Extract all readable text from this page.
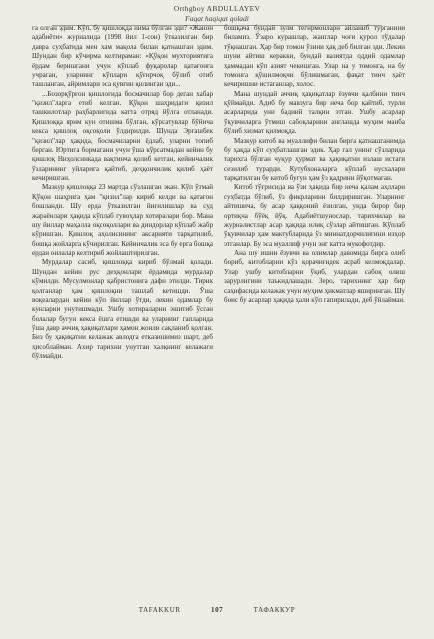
Orthgboy ABDULLAYEV
Faqat haqiqat qoladi

га олган эдим. Кўп, бу қишлоқда нима бўлган эди? «Жанон адабиёти» журналида (1998 йил 1-сон) ўтказилган бир давра суҳбатида мен хам мақола билан қатнашган эдим. Шундан бир кўчирма келтираман: «Қўқон мухториятига ёрдам беришгани учун кўплаб фуқаролар қатағонга учраган, уларнинг кўплари қўғирчоқ бўлиб отиб ташланган, айримлари эса қувғин қилинган эди...

...Бозорқўрғон қишлоғида босмачилар бор деган хабар "қизил"ларга етиб келган. Қўқон шаҳридаги қизил ташкилотлар раҳбарлигида катта отряд йўлга отланади. Қишлоққа ярим кун отишма бўлган, кўрсатувлар бўйича кекса қишлоқ оқсоқоли ўлдирилди. Шунда Эргашбек "қизил"лар ҳақида, босмачиларни ёдлаб, уларни топиб берган. Юртига бормагани учун ўша кўрсатмадан кейин бу қишлоқ Ниҳолсинкада вақтинча қолиб кетган, кейинчалик ўзларининг уйларига қайтиб, деҳқончилик қилиб ҳаёт кечиришган.

Мазкур қишлоққа 23 мартда сўзлашган экан. Кўп ўтмай Қўқон шаҳрига ҳам "қизил"лар кириб келди ва қатағон бошланди. Шу ерда ўтказилган йиғилишлар ва суд жараёнлари ҳақида кўплаб гувоҳлар хотиралари бор. Мана шу йиллар маҳалла оқсоқоллари ва диндорлар кўплаб жабр кўришган. Қишлоқ аҳолисининг аксарияти тарқатилиб, бошқа жойларга кўчирилган. Кейинчалик эса бу ерга бошқа ердан оилалар келтириб жойлаштирилган.

Мурдалар сасиб, қишлоққа кириб бўлмай қолади. Шундан кейин рус деҳқонлари ёрдамида мурдалар кўмилди. Мусулмонлар қабристонига дафн этилди. Тирик қолганлар ҳам қишлоқни ташлаб кетишди. Ўша воқеалардан кейин кўп йиллар ўтди, лекин одамлар бу кунларни унутишмади. Ушбу хотираларни эшитиб ўсган болалар бугун кекса ёшга етишди ва уларнинг гапларида ўша давр аччиқ ҳақиқатлари ҳамон жонли сақланиб қолган. Биз бу ҳақиқатни келажак авлодга етказишимиз шарт, деб ҳисоблайман. Ахир тарихни унутган халқнинг келажаги бўлмайди.

бошқача бундай зулм тегирмонлари айланиб турганини биламиз. Ўзаро курашлар, жанглар чоғи қурол тўдалар тўқнашган. Ҳар бир томон ўзини ҳақ деб билган эди. Лекин шуни айтиш керакки, бундай вазиятда оддий одамлар ҳаммадан кўп азият чекишган. Улар на у томонга, на бу томонга қўшилмоқчи бўлишмаган, фақат тинч ҳаёт кечиришни истаганлар, холос.

Мана шундай аччиқ ҳақиқатлар ёзувчи қалбини тинч қўймайди. Адиб бу мавзуга бир неча бор қайтиб, турли асарларида уни бадиий талқин этган. Ушбу асарлар ўқувчиларга ўтмиш сабоқларини англашда муҳим манба бўлиб хизмат қилмоқда.

Мазкур китоб ва муаллифи билан бирга қатнашганимда бу ҳақда кўп суҳбатлашган эдик. Ҳар гал унинг сўзларида тарихга бўлган чуқур ҳурмат ва ҳақиқатни излаш истаги сезилиб турарди. Кутубхоналарга кўплаб нусхалари тарқатилган бу китоб бугун ҳам ўз қадрини йўқотмаган.

Китоб тўғрисида ва ўзи ҳақида бир неча қалам аҳллари суҳбатда бўлиб, ўз фикрларини билдиришган. Уларнинг айтишича, бу асар ҳаққоний ёзилган, унда бирор бир ортиқча бўёқ йўқ. Адабиётшунослар, тарихчилар ва журналистлар асар ҳақида илиқ сўзлар айтишган. Кўплаб ўқувчилар ҳам мактубларида ўз миннатдорчилигини изҳор этганлар. Бу эса муаллиф учун энг катта мукофотдир.

Ана шу ишни ёзувчи ва олимлар давомида бирга олиб бориб, китобларни кўз қорачиғидек асраб келмоқдалар. Улар ушбу китобларни ўқиб, улардан сабоқ олиш зарурлигини таъкидлашади. Зеро, тарихнинг ҳар бир саҳифасида келажак учун муҳим ҳикматлар яширинган. Шу боис бу асарлар ҳақида ҳали кўп гапирилади, деб ўйлайман.

TAFAKKUR	107	ТАФАККУР
